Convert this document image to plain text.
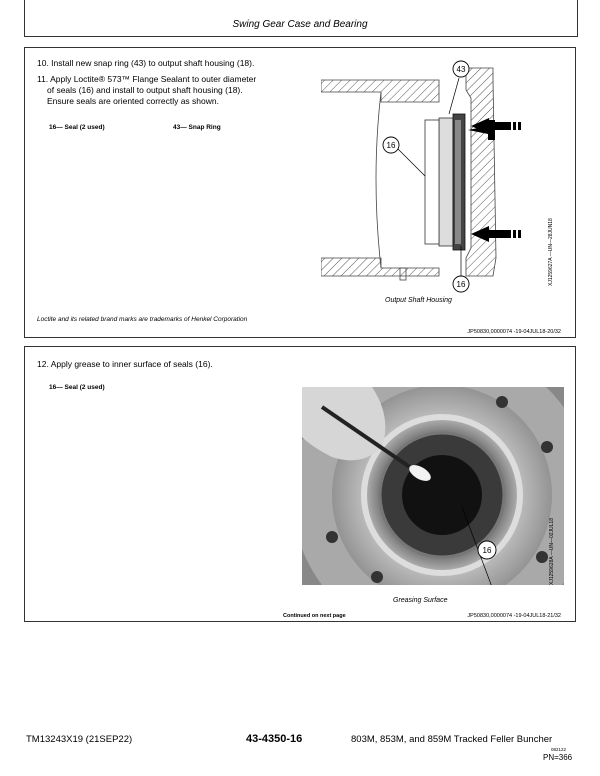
Swing Gear Case and Bearing
10. Install new snap ring (43) to output shaft housing (18).
11. Apply Loctite® 573™ Flange Sealant to outer diameter
of seals (16) and install to output shaft housing (18).
Ensure seals are oriented correctly as shown.
16— Seal (2 used)	43— Snap Ring
43
16
16	XJ1259627A —UN—28JUN18
Output Shaft Housing
Loctite and its related brand marks are trademarks of Henkel Corporation
JP50830,0000074 -19-04JUL18-20/32
12. Apply grease to inner surface of seals (16).
16— Seal (2 used)
16	XJ1259628A —UN—02JUL18
Greasing Surface
Continued on next page	JP50830,0000074 -19-04JUL18-21/32
TM13243X19 (21SEP22)	43-4350-16	803M, 853M, and 859M Tracked Feller Buncher
082122
PN=366
